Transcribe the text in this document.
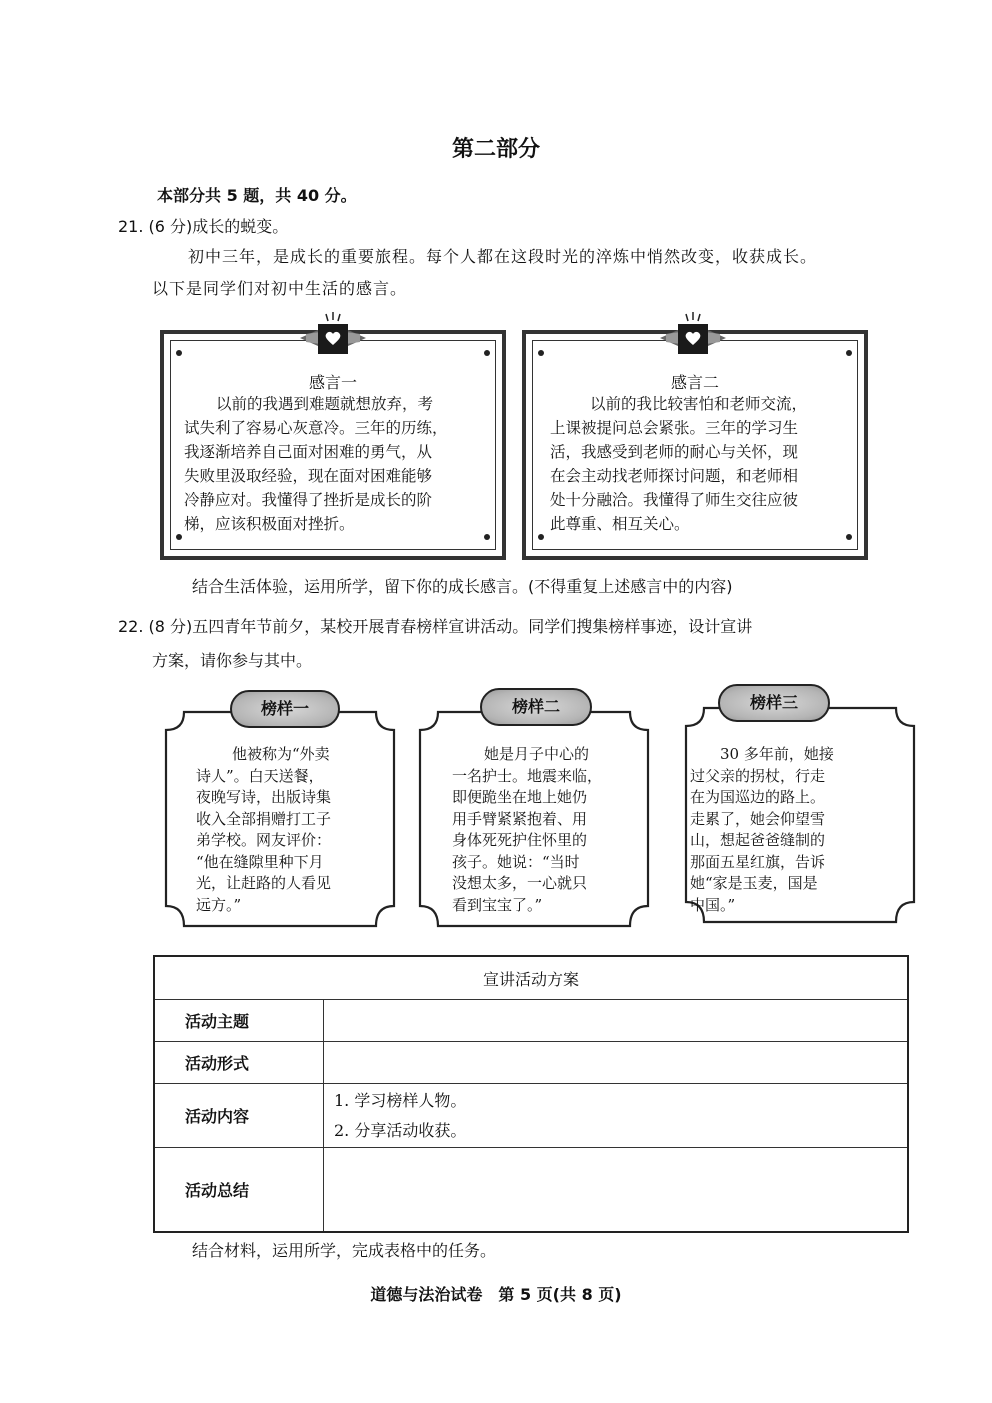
第二部分
本部分共 5 题，共 40 分。
21. (6 分)成长的蜕变。
初中三年，是成长的重要旅程。每个人都在这段时光的淬炼中悄然改变，收获成长。
以下是同学们对初中生活的感言。
感言一
以前的我遇到难题就想放弃，考
试失利了容易心灰意冷。三年的历练，
我逐渐培养自己面对困难的勇气，从
失败里汲取经验，现在面对困难能够
冷静应对。我懂得了挫折是成长的阶
梯，应该积极面对挫折。
感言二
以前的我比较害怕和老师交流，
上课被提问总会紧张。三年的学习生
活，我感受到老师的耐心与关怀，现
在会主动找老师探讨问题，和老师相
处十分融洽。我懂得了师生交往应彼
此尊重、相互关心。
结合生活体验，运用所学，留下你的成长感言。(不得重复上述感言中的内容)
22. (8 分)五四青年节前夕，某校开展青春榜样宣讲活动。同学们搜集榜样事迹，设计宣讲
方案，请你参与其中。
榜样一
他被称为“外卖
诗人”。白天送餐，
夜晚写诗，出版诗集
收入全部捐赠打工子
弟学校。网友评价：
“他在缝隙里种下月
光，让赶路的人看见
远方。”
榜样二
她是月子中心的
一名护士。地震来临，
即便跪坐在地上她仍
用手臂紧紧抱着、用
身体死死护住怀里的
孩子。她说：“当时
没想太多，一心就只
看到宝宝了。”
榜样三
30 多年前，她接
过父亲的拐杖，行走
在为国巡边的路上。
走累了，她会仰望雪
山，想起爸爸缝制的
那面五星红旗，告诉
她“家是玉麦，国是
中国。”
宣讲活动方案	
活动主题	
活动形式	
活动内容	1. 学习榜样人物。
2. 分享活动收获。

活动总结	
结合材料，运用所学，完成表格中的任务。
道德与法治试卷　第 5 页(共 8 页)
